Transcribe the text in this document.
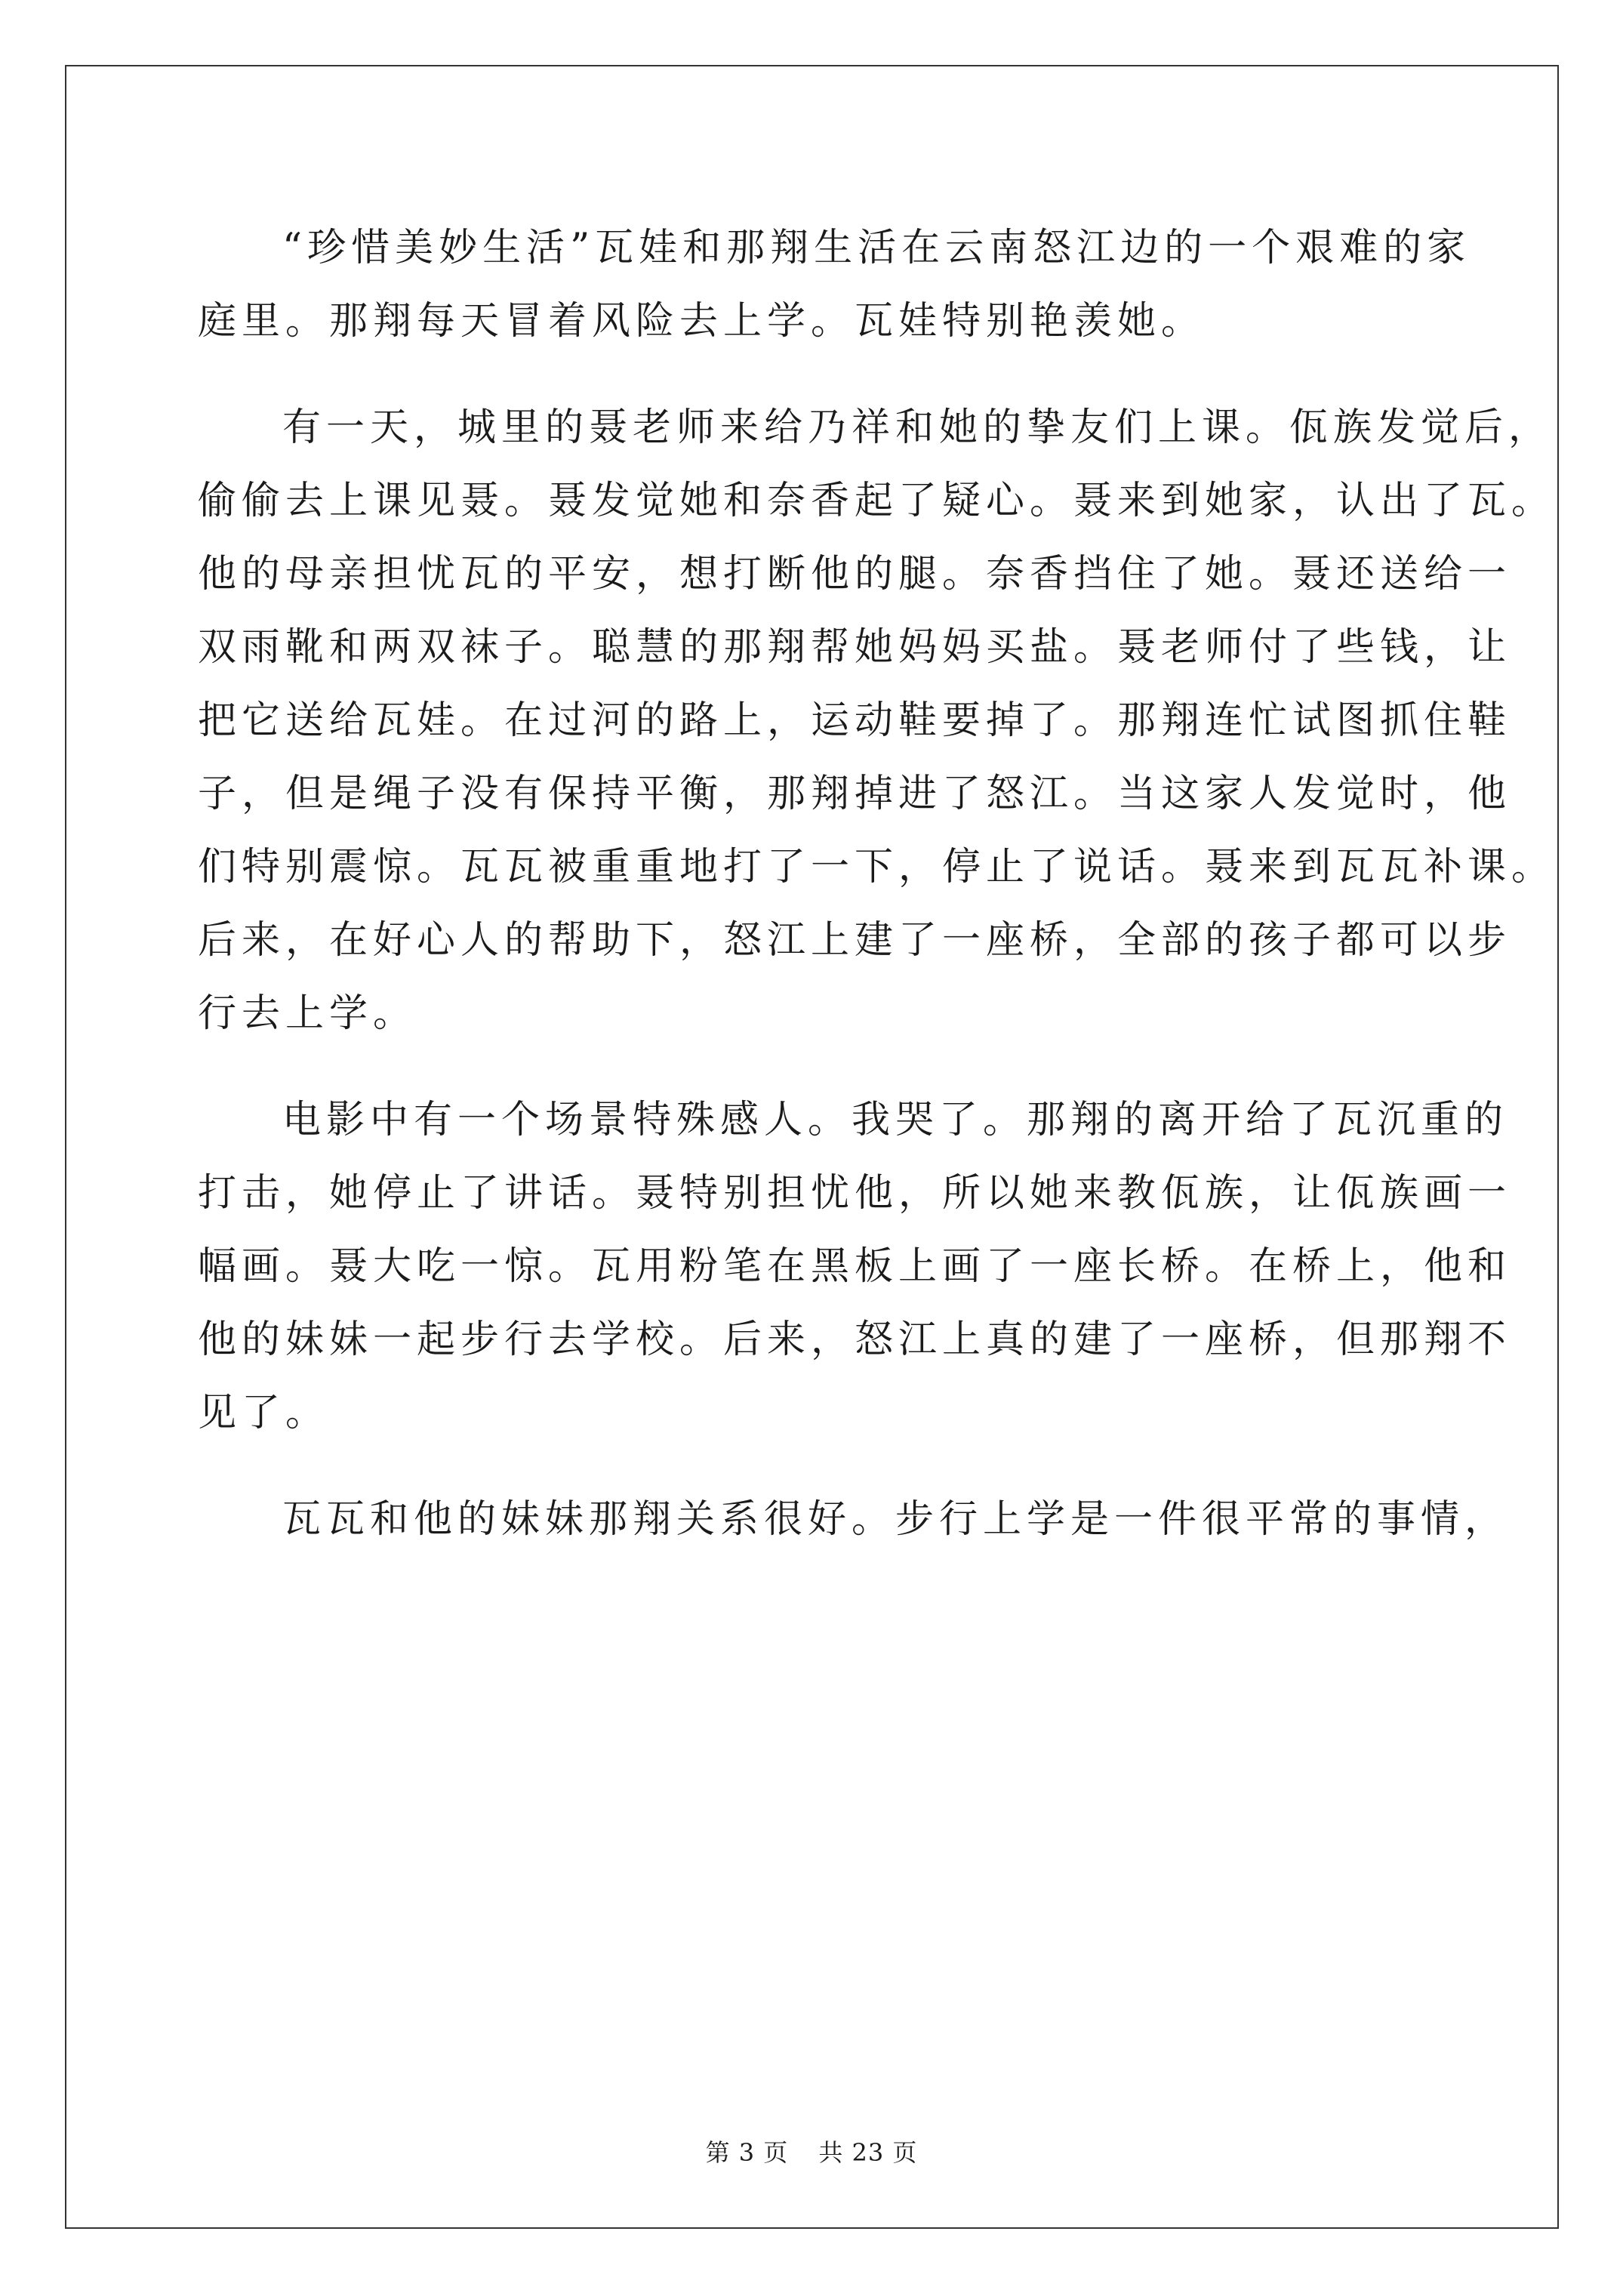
“珍惜美妙生活”瓦娃和那翔生活在云南怒江边的一个艰难的家
庭里。那翔每天冒着风险去上学。瓦娃特别艳羡她。
有一天，城里的聂老师来给乃祥和她的挚友们上课。佤族发觉后，
偷偷去上课见聂。聂发觉她和奈香起了疑心。聂来到她家，认出了瓦。
他的母亲担忧瓦的平安，想打断他的腿。奈香挡住了她。聂还送给一
双雨靴和两双袜子。聪慧的那翔帮她妈妈买盐。聂老师付了些钱，让
把它送给瓦娃。在过河的路上，运动鞋要掉了。那翔连忙试图抓住鞋
子，但是绳子没有保持平衡，那翔掉进了怒江。当这家人发觉时，他
们特别震惊。瓦瓦被重重地打了一下，停止了说话。聂来到瓦瓦补课。
后来，在好心人的帮助下，怒江上建了一座桥，全部的孩子都可以步
行去上学。
电影中有一个场景特殊感人。我哭了。那翔的离开给了瓦沉重的
打击，她停止了讲话。聂特别担忧他，所以她来教佤族，让佤族画一
幅画。聂大吃一惊。瓦用粉笔在黑板上画了一座长桥。在桥上，他和
他的妹妹一起步行去学校。后来，怒江上真的建了一座桥，但那翔不
见了。
瓦瓦和他的妹妹那翔关系很好。步行上学是一件很平常的事情，
第 3 页 共 23 页
